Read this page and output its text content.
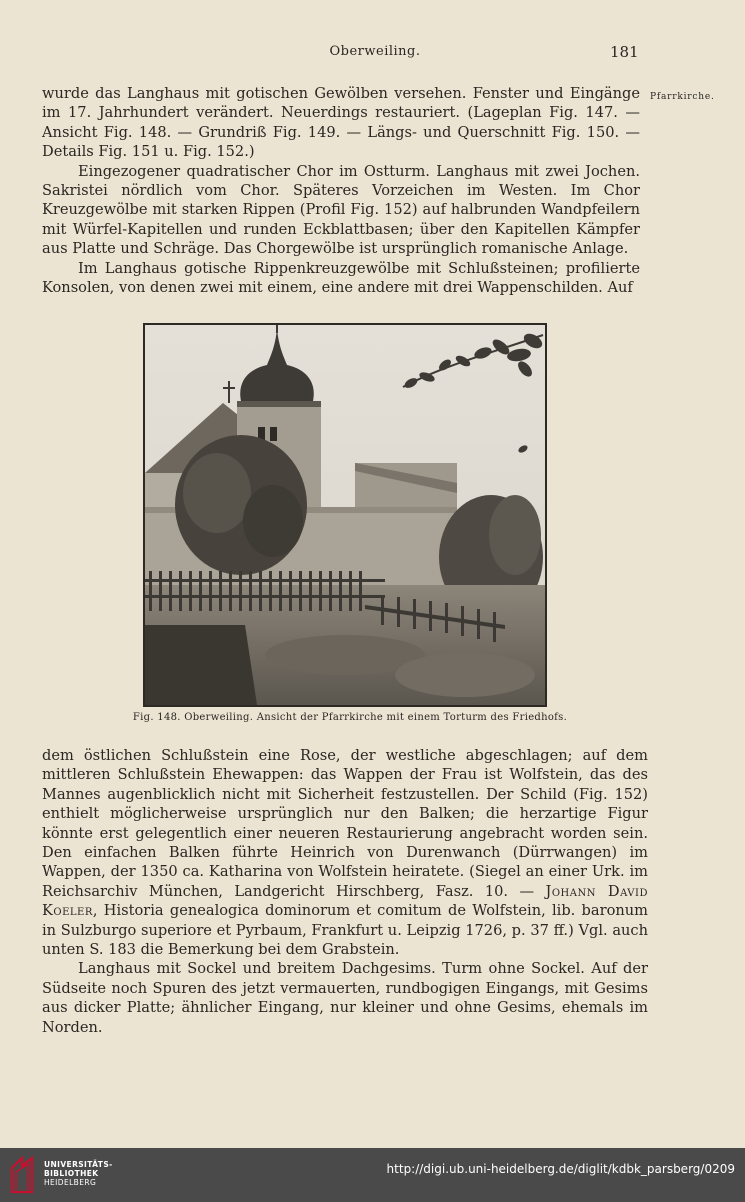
Oberweiling.	181
Pfarrkirche.

wurde das Langhaus mit gotischen Gewölben versehen. Fenster und Eingänge im 17. Jahrhundert verändert. Neuerdings restauriert. (Lageplan Fig. 147. — Ansicht Fig. 148. — Grundriß Fig. 149. — Längs- und Querschnitt Fig. 150. — Details Fig. 151 u. Fig. 152.)

Eingezogener quadratischer Chor im Ostturm. Langhaus mit zwei Jochen. Sakristei nördlich vom Chor. Späteres Vorzeichen im Westen. Im Chor Kreuzgewölbe mit starken Rippen (Profil Fig. 152) auf halbrunden Wandpfeilern mit Würfel-Kapitellen und runden Eckblattbasen; über den Kapitellen Kämpfer aus Platte und Schräge. Das Chorgewölbe ist ursprünglich romanische Anlage.

Im Langhaus gotische Rippenkreuzgewölbe mit Schlußsteinen; profilierte Konsolen, von denen zwei mit einem, eine andere mit drei Wappenschilden. Auf

Fig. 148. Oberweiling. Ansicht der Pfarrkirche mit einem Torturm des Friedhofs.

dem östlichen Schlußstein eine Rose, der westliche abgeschlagen; auf dem mittleren Schlußstein Ehewappen: das Wappen der Frau ist Wolfstein, das des Mannes augenblicklich nicht mit Sicherheit festzustellen. Der Schild (Fig. 152) enthielt möglicherweise ursprünglich nur den Balken; die herzartige Figur könnte erst gelegentlich einer neueren Restaurierung angebracht worden sein. Den einfachen Balken führte Heinrich von Durenwanch (Dürrwangen) im Wappen, der 1350 ca. Katharina von Wolfstein heiratete. (Siegel an einer Urk. im Reichsarchiv München, Landgericht Hirschberg, Fasz. 10. — Johann David Koeler, Historia genealogica dominorum et comitum de Wolfstein, lib. baronum in Sulzburgo superiore et Pyrbaum, Frankfurt u. Leipzig 1726, p. 37 ff.) Vgl. auch unten S. 183 die Bemerkung bei dem Grabstein.

Langhaus mit Sockel und breitem Dachgesims. Turm ohne Sockel. Auf der Südseite noch Spuren des jetzt vermauerten, rundbogigen Eingangs, mit Gesims aus dicker Platte; ähnlicher Eingang, nur kleiner und ohne Gesims, ehemals im Norden.

UNIVERSITÄTS-
BIBLIOTHEK
HEIDELBERG
http://digi.ub.uni-heidelberg.de/diglit/kdbk_parsberg/0209
